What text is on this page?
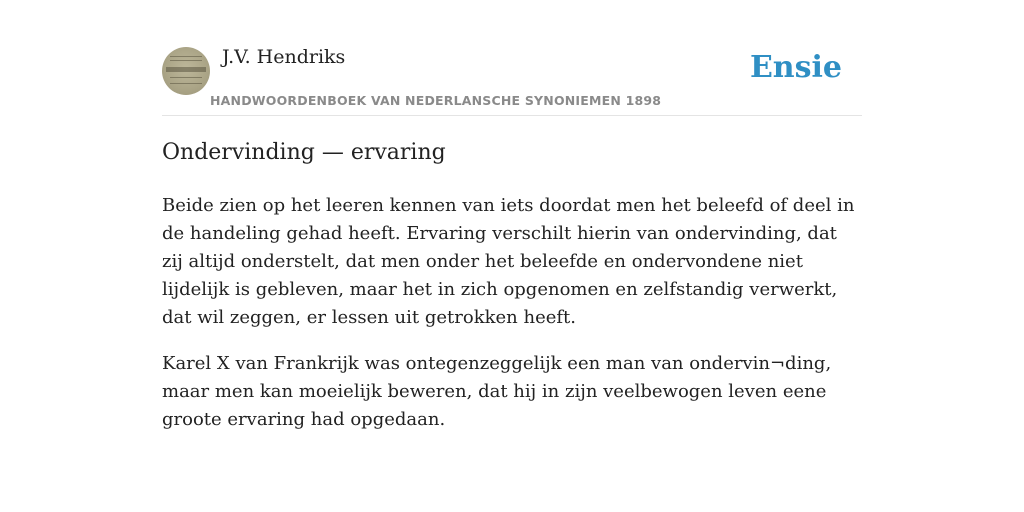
J.V. Hendriks
HANDWOORDENBOEK VAN NEDERLANSCHE SYNONIEMEN 1898
Ensie
Ondervinding — ervaring

Beide zien op het leeren kennen van iets doordat men het beleefd of deel in de handeling gehad heeft. Ervaring verschilt hierin van ondervinding, dat zij altijd onderstelt, dat men onder het beleefde en ondervondene niet lijdelijk is gebleven, maar het in zich opgenomen en zelfstandig verwerkt, dat wil zeggen, er lessen uit getrokken heeft.

Karel X van Frankrijk was ontegenzeggelijk een man van ondervin¬ding, maar men kan moeielijk beweren, dat hij in zijn veelbewogen leven eene groote ervaring had opgedaan.
